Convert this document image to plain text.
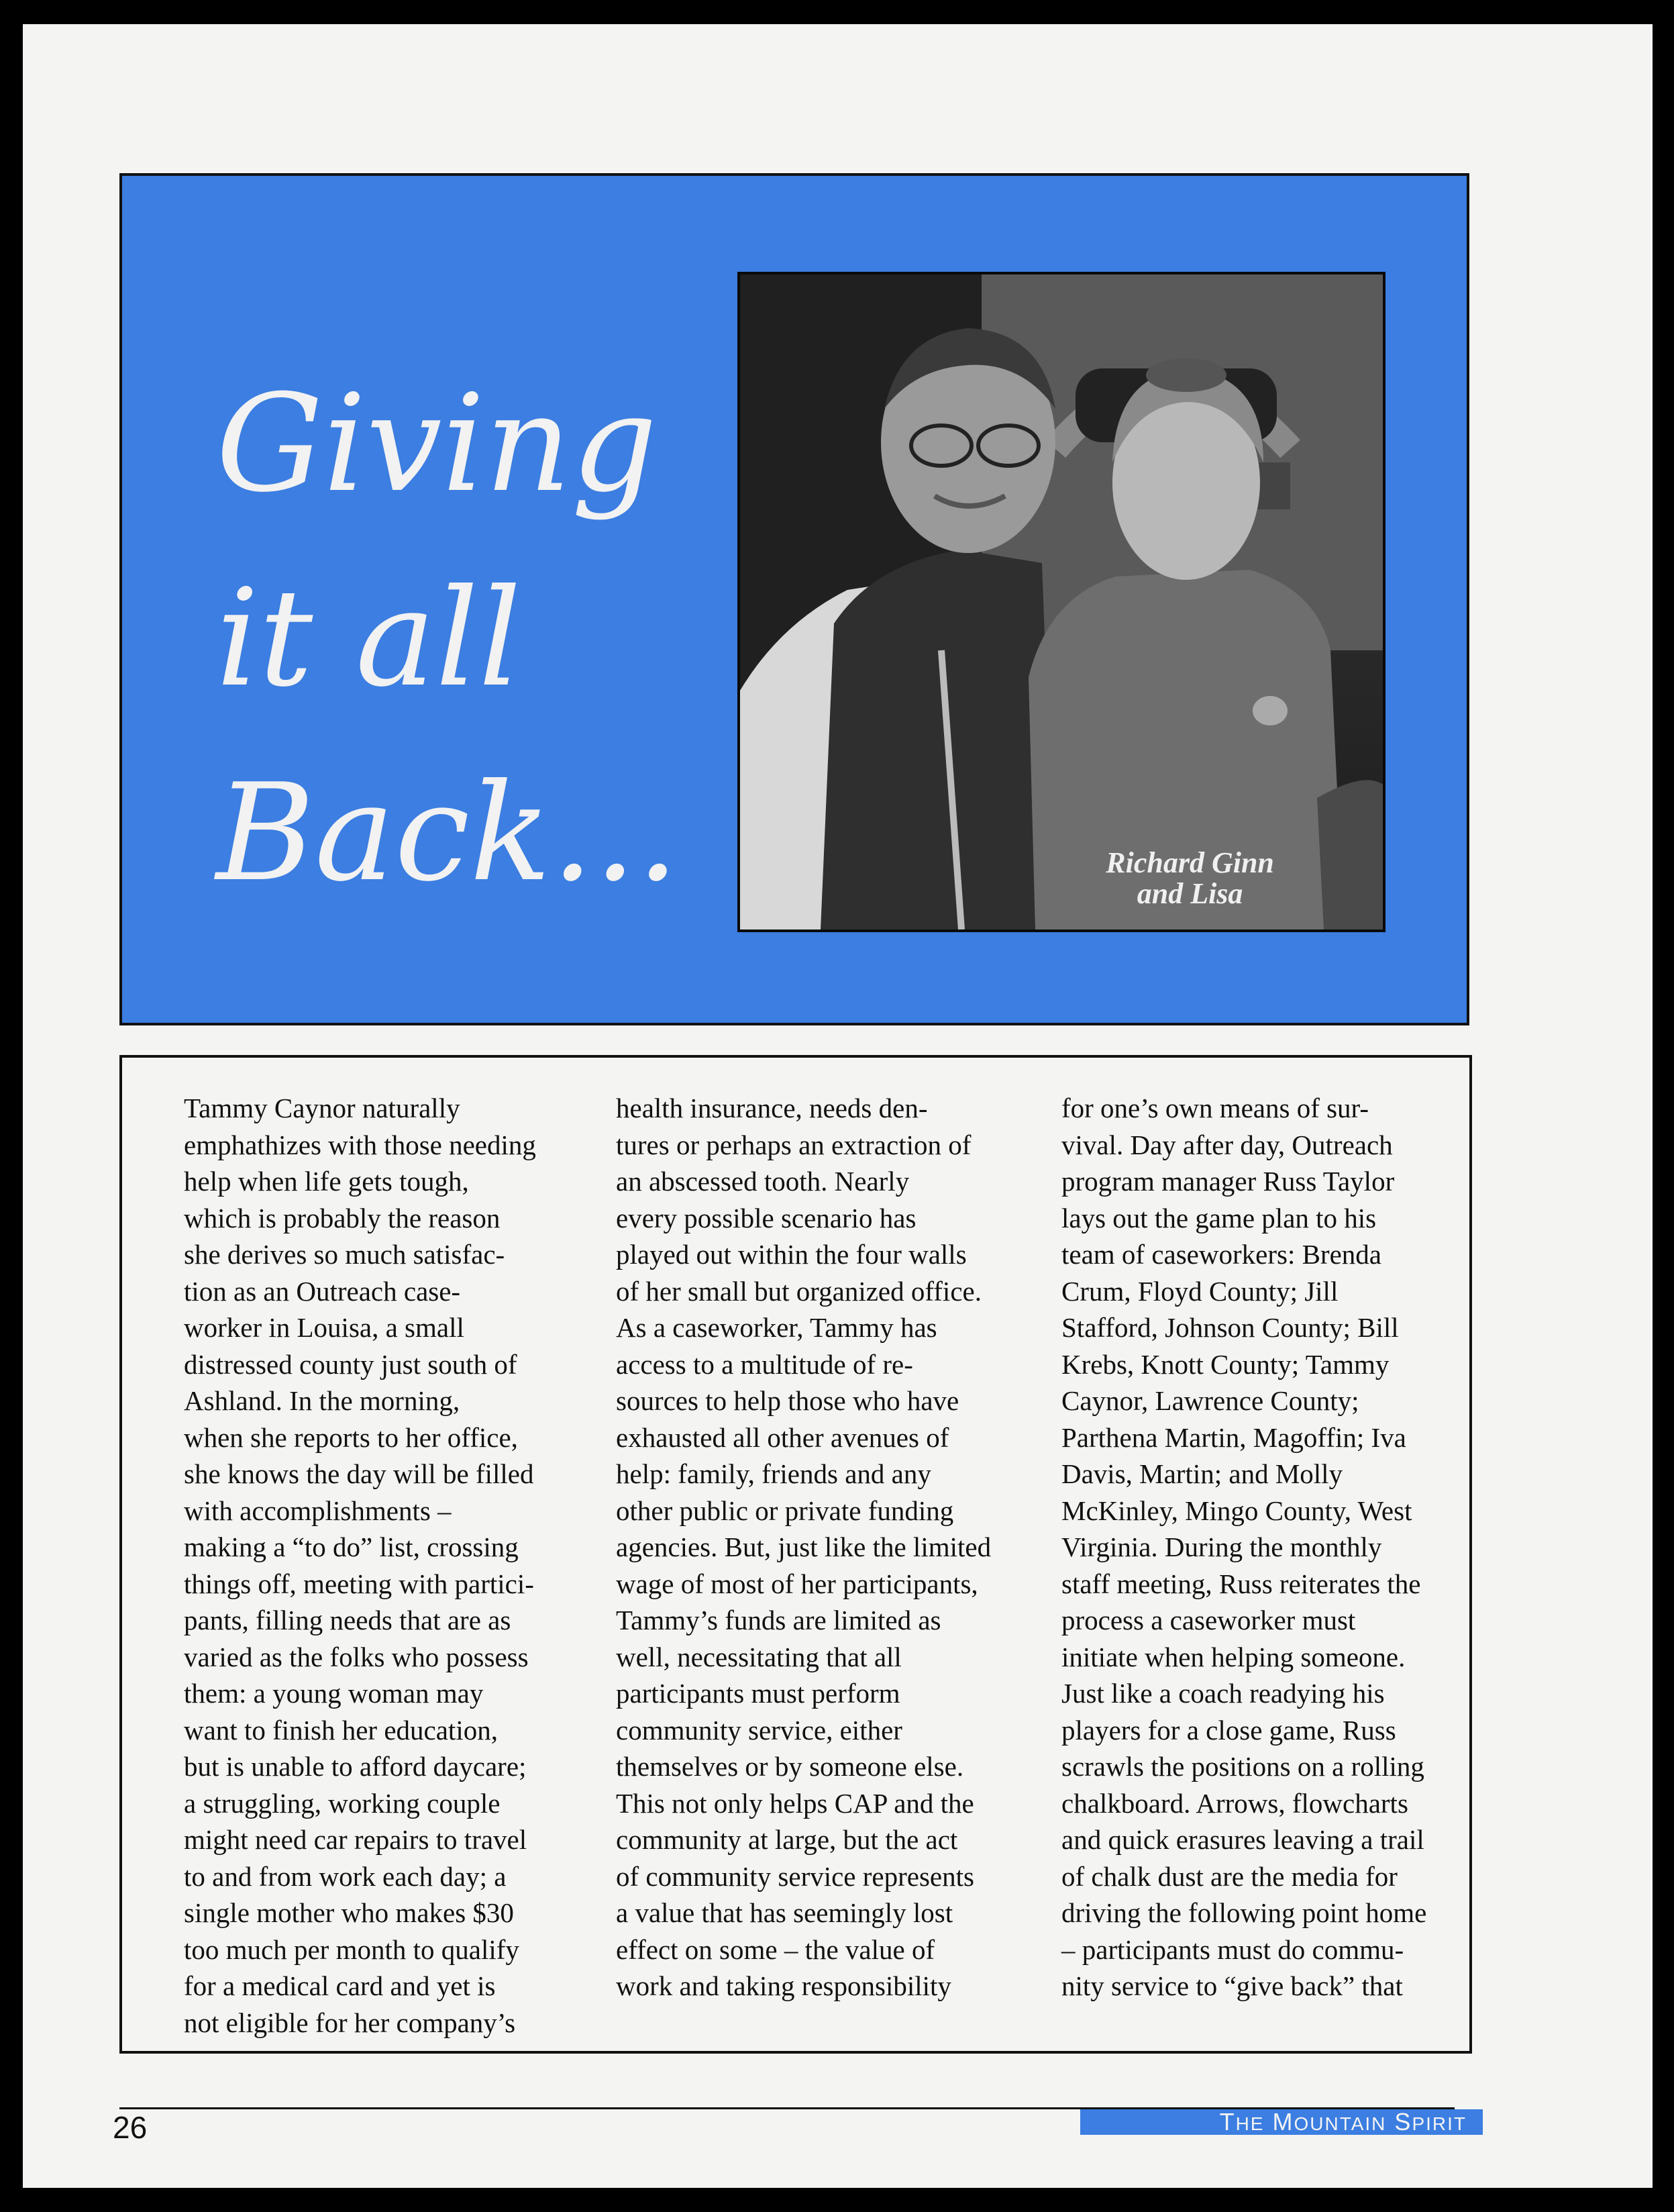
Giving
it all
Back...	Richard Ginn
and Lisa
Tammy Caynor naturally
emphathizes with those needing
help when life gets tough,
which is probably the reason
she derives so much satisfac-
tion as an Outreach case-
worker in Louisa, a small
distressed county just south of
Ashland. In the morning,
when she reports to her office,
she knows the day will be filled
with accomplishments –
making a “to do” list, crossing
things off, meeting with partici-
pants, filling needs that are as
varied as the folks who possess
them: a young woman may
want to finish her education,
but is unable to afford daycare;
a struggling, working couple
might need car repairs to travel
to and from work each day; a
single mother who makes $30
too much per month to qualify
for a medical card and yet is
not eligible for her company’s
health insurance, needs den-
tures or perhaps an extraction of
an abscessed tooth. Nearly
every possible scenario has
played out within the four walls
of her small but organized office.
As a caseworker, Tammy has
access to a multitude of re-
sources to help those who have
exhausted all other avenues of
help: family, friends and any
other public or private funding
agencies. But, just like the limited
wage of most of her participants,
Tammy’s funds are limited as
well, necessitating that all
participants must perform
community service, either
themselves or by someone else.
This not only helps CAP and the
community at large, but the act
of community service represents
a value that has seemingly lost
effect on some – the value of
work and taking responsibility
for one’s own means of sur-
vival. Day after day, Outreach
program manager Russ Taylor
lays out the game plan to his
team of caseworkers: Brenda
Crum, Floyd County; Jill
Stafford, Johnson County; Bill
Krebs, Knott County; Tammy
Caynor, Lawrence County;
Parthena Martin, Magoffin; Iva
Davis, Martin; and Molly
McKinley, Mingo County, West
Virginia. During the monthly
staff meeting, Russ reiterates the
process a caseworker must
initiate when helping someone.
Just like a coach readying his
players for a close game, Russ
scrawls the positions on a rolling
chalkboard. Arrows, flowcharts
and quick erasures leaving a trail
of chalk dust are the media for
driving the following point home
– participants must do commu-
nity service to “give back” that
26	THE MOUNTAIN SPIRIT
